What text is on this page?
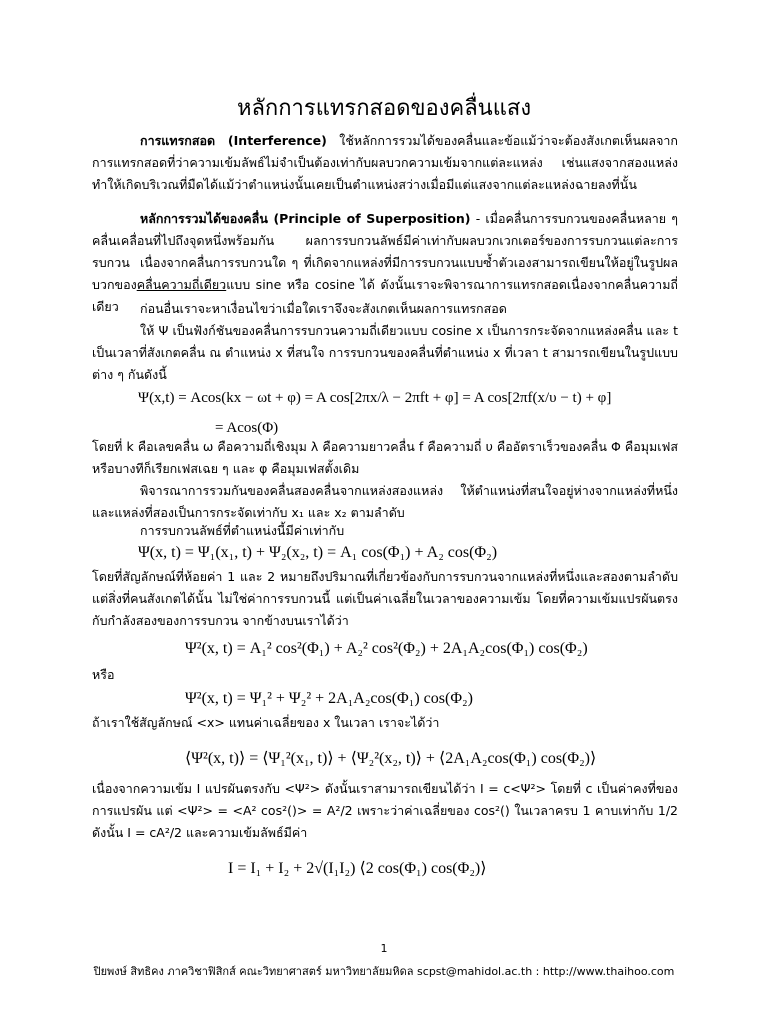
หลักการแทรกสอดของคลื่นแสง
การแทรกสอด (Interference) ใช้หลักการรวมได้ของคลื่นและข้อแม้ว่าจะต้องสังเกตเห็นผลจากการแทรกสอดที่ว่าความเข้มลัพธ์ไม่จำเป็นต้องเท่ากับผลบวกความเข้มจากแต่ละแหล่ง เช่นแสงจากสองแหล่งทำให้เกิดบริเวณที่มืดได้แม้ว่าตำแหน่งนั้นเคยเป็นตำแหน่งสว่างเมื่อมีแต่แสงจากแต่ละแหล่งฉายลงที่นั้น
หลักการรวมได้ของคลื่น (Principle of Superposition) - เมื่อคลื่นการรบกวนของคลื่นหลาย ๆ คลื่นเคลื่อนที่ไปถึงจุดหนึ่งพร้อมกัน ผลการรบกวนลัพธ์มีค่าเท่ากับผลบวกเวกเตอร์ของการรบกวนแต่ละการรบกวน เนื่องจากคลื่นการรบกวนใด ๆ ที่เกิดจากแหล่งที่มีการรบกวนแบบซ้ำตัวเองสามารถเขียนให้อยู่ในรูปผลบวกของคลื่นความถี่เดียวแบบ sine หรือ cosine ได้ ดังนั้นเราจะพิจารณาการแทรกสอดเนื่องจากคลื่นความถี่เดียว	ก่อนอื่นเราจะหาเงื่อนไขว่าเมื่อใดเราจึงจะสังเกตเห็นผลการแทรกสอด
ให้ Ψ เป็นฟังก์ชันของคลื่นการรบกวนความถี่เดียวแบบ cosine x เป็นการกระจัดจากแหล่งคลื่น และ t เป็นเวลาที่สังเกตคลื่น ณ ตำแหน่ง x ที่สนใจ การรบกวนของคลื่นที่ตำแหน่ง x ที่เวลา t สามารถเขียนในรูปแบบต่าง ๆ กันดังนี้
Ψ(x,t) = Acos(kx − ωt + φ) = A cos[2πx/λ − 2πft + φ] = A cos[2πf(x/υ − t) + φ]
= Acos(Φ)
โดยที่ k คือเลขคลื่น ω คือความถี่เชิงมุม λ คือความยาวคลื่น f คือความถี่ υ คืออัตราเร็วของคลื่น Φ คือมุมเฟส หรือบางทีก็เรียกเฟสเฉย ๆ และ φ คือมุมเฟสตั้งเดิม
พิจารณาการรวมกันของคลื่นสองคลื่นจากแหล่งสองแหล่ง ให้ตำแหน่งที่สนใจอยู่ห่างจากแหล่งที่หนึ่งและแหล่งที่สองเป็นการกระจัดเท่ากับ x₁ และ x₂ ตามลำดับ
การรบกวนลัพธ์ที่ตำแหน่งนี้มีค่าเท่ากับ
Ψ(x, t) = Ψ₁(x₁, t) + Ψ₂(x₂, t) = A₁ cos(Φ₁) + A₂ cos(Φ₂)
โดยที่สัญลักษณ์ที่ห้อยค่า 1 และ 2 หมายถึงปริมาณที่เกี่ยวข้องกับการรบกวนจากแหล่งที่หนึ่งและสองตามลำดับ แต่สิ่งที่คนสังเกตได้นั้น ไม่ใช่ค่าการรบกวนนี้ แต่เป็นค่าเฉลี่ยในเวลาของความเข้ม โดยที่ความเข้มแปรผันตรงกับกำลังสองของการรบกวน จากข้างบนเราได้ว่า
Ψ²(x, t) = A₁² cos²(Φ₁) + A₂² cos²(Φ₂) + 2A₁A₂cos(Φ₁) cos(Φ₂)
หรือ
Ψ²(x, t) = Ψ₁² + Ψ₂² + 2A₁A₂cos(Φ₁) cos(Φ₂)
ถ้าเราใช้สัญลักษณ์ <x> แทนค่าเฉลี่ยของ x ในเวลา เราจะได้ว่า
⟨Ψ²(x, t)⟩ = ⟨Ψ₁²(x₁, t)⟩ + ⟨Ψ₂²(x₂, t)⟩ + ⟨2A₁A₂cos(Φ₁) cos(Φ₂)⟩
เนื่องจากความเข้ม I แปรผันตรงกับ <Ψ²> ดังนั้นเราสามารถเขียนได้ว่า I = c<Ψ²> โดยที่ c เป็นค่าคงที่ของการแปรผัน แต่ <Ψ²> = <A² cos²()> = A²/2 เพราะว่าค่าเฉลี่ยของ cos²() ในเวลาครบ 1 คาบเท่ากับ 1/2 ดังนั้น I = cA²/2 และความเข้มลัพธ์มีค่า
I = I₁ + I₂ + 2√(I₁I₂) ⟨2 cos(Φ₁) cos(Φ₂)⟩
1
ปิยพงษ์ สิทธิคง ภาควิชาฟิสิกส์ คณะวิทยาศาสตร์ มหาวิทยาลัยมหิดล scpst@mahidol.ac.th : http://www.thaihoo.com
